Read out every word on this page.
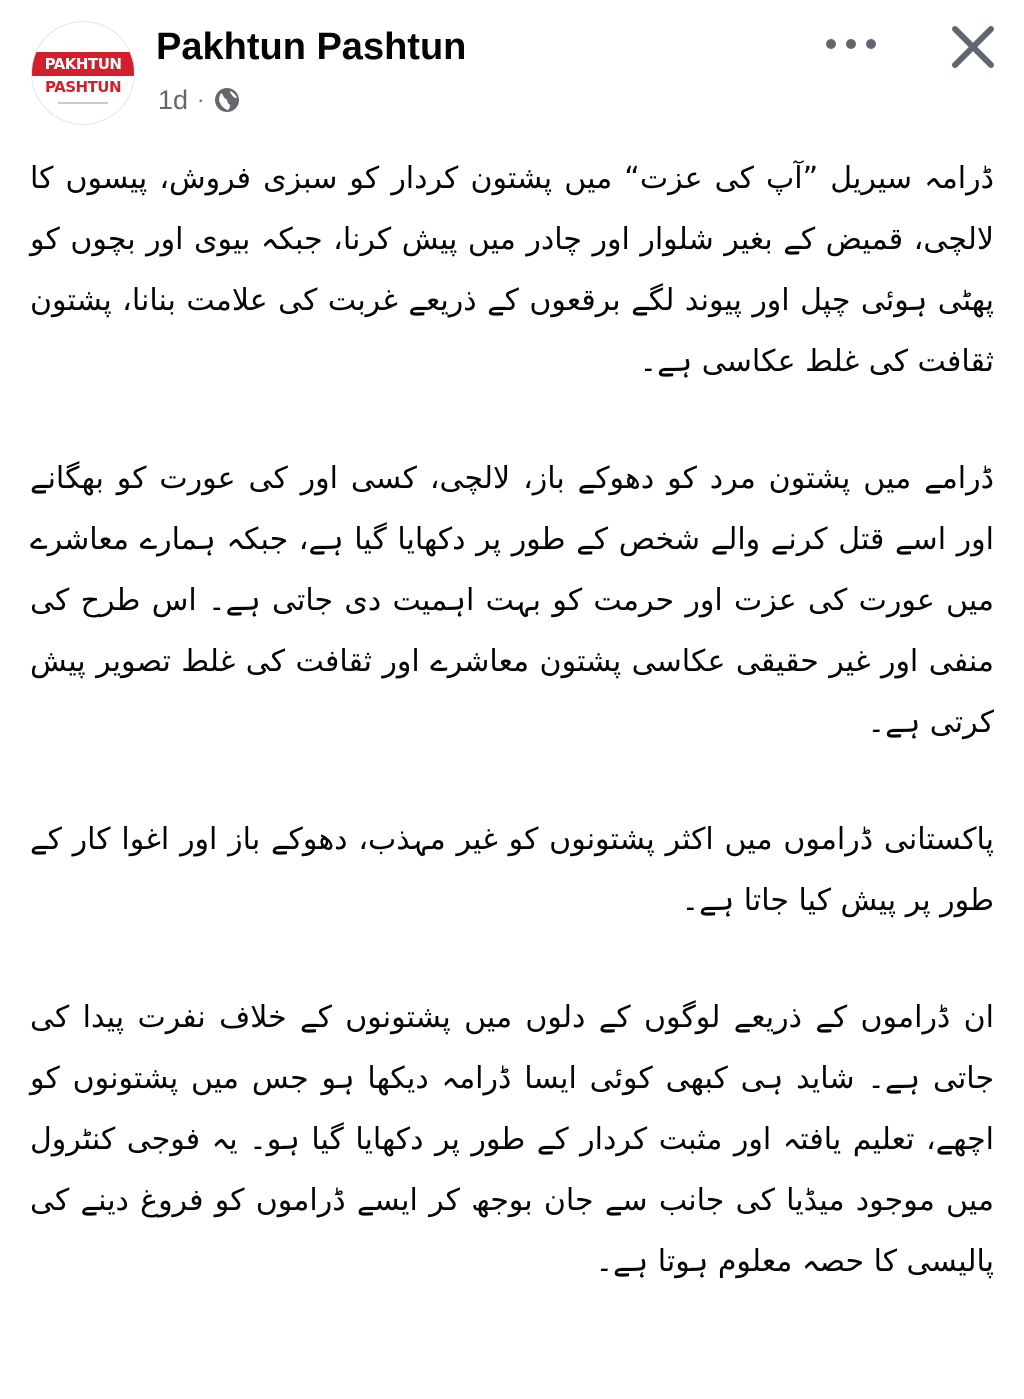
PAKHTUN
PASHTUN
Pakhtun Pashtun
1d ·

ڈرامہ سیریل ”آپ کی عزت“ میں پشتون کردار کو سبزی فروش، پیسوں کا لالچی، قمیض کے بغیر شلوار اور چادر میں پیش کرنا، جبکہ بیوی اور بچوں کو پھٹی ہوئی چپل اور پیوند لگے برقعوں کے ذریعے غربت کی علامت بنانا، پشتون ثقافت کی غلط عکاسی ہے۔

ڈرامے میں پشتون مرد کو دھوکے باز، لالچی، کسی اور کی عورت کو بھگانے اور اسے قتل کرنے والے شخص کے طور پر دکھایا گیا ہے، جبکہ ہمارے معاشرے میں عورت کی عزت اور حرمت کو بہت اہمیت دی جاتی ہے۔ اس طرح کی منفی اور غیر حقیقی عکاسی پشتون معاشرے اور ثقافت کی غلط تصویر پیش کرتی ہے۔

پاکستانی ڈراموں میں اکثر پشتونوں کو غیر مہذب، دھوکے باز اور اغوا کار کے طور پر پیش کیا جاتا ہے۔

ان ڈراموں کے ذریعے لوگوں کے دلوں میں پشتونوں کے خلاف نفرت پیدا کی جاتی ہے۔ شاید ہی کبھی کوئی ایسا ڈرامہ دیکھا ہو جس میں پشتونوں کو اچھے، تعلیم یافتہ اور مثبت کردار کے طور پر دکھایا گیا ہو۔ یہ فوجی کنٹرول میں موجود میڈیا کی جانب سے جان بوجھ کر ایسے ڈراموں کو فروغ دینے کی پالیسی کا حصہ معلوم ہوتا ہے۔
